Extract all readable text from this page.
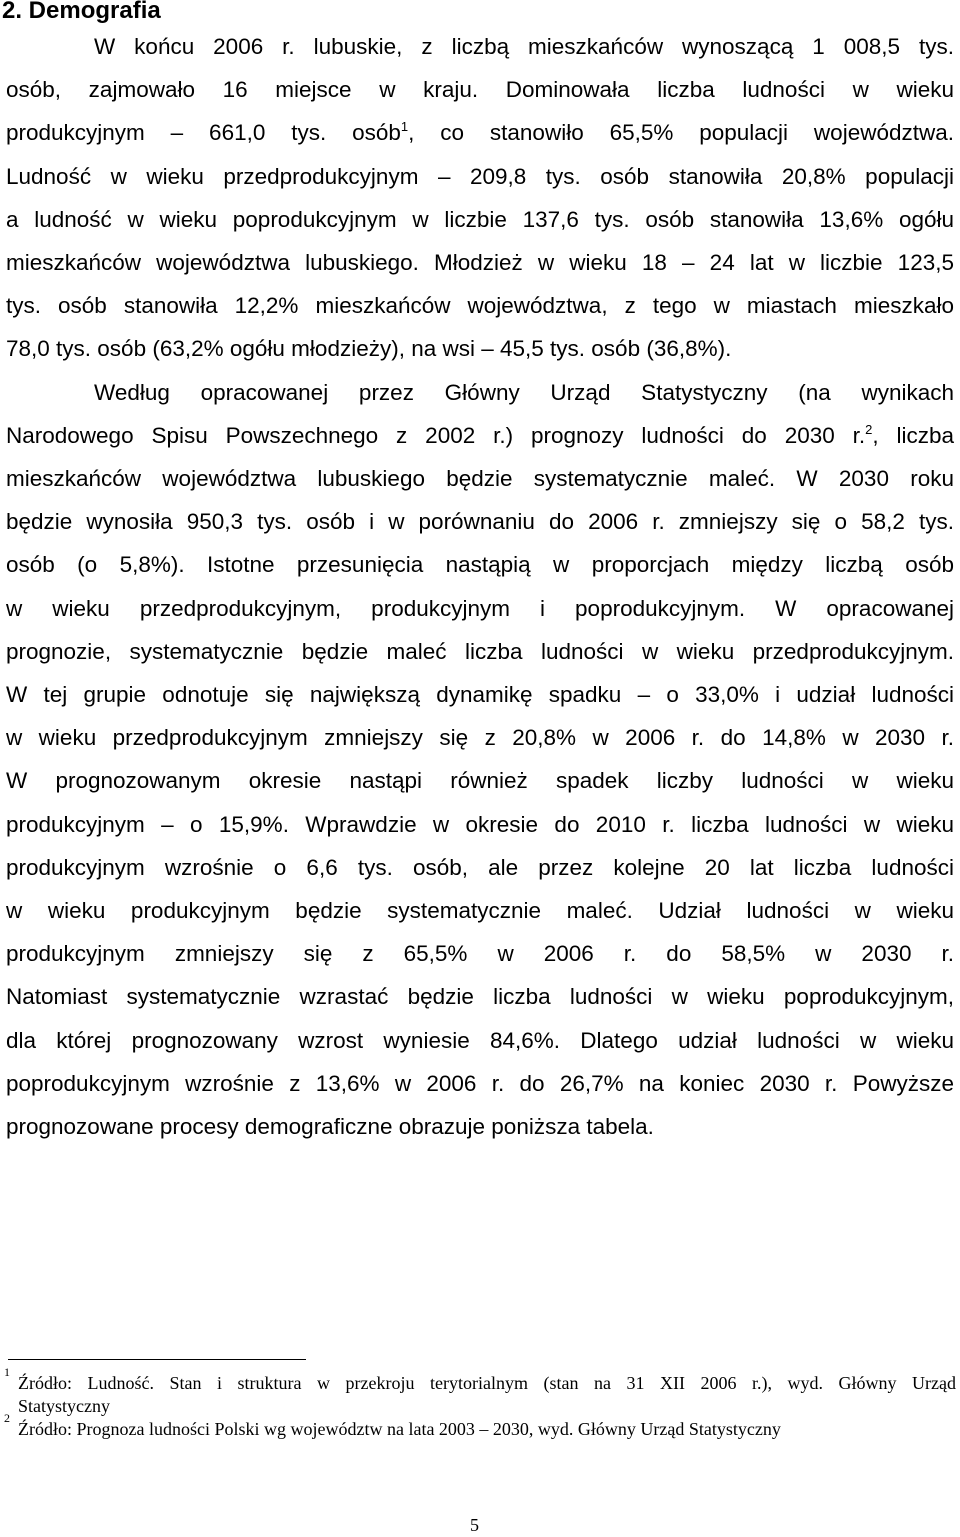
2. Demografia
W końcu 2006 r. lubuskie, z liczbą mieszkańców wynoszącą 1 008,5 tys.
osób, zajmowało 16 miejsce w kraju. Dominowała liczba ludności w wieku
produkcyjnym – 661,0 tys. osób$^1$, co stanowiło 65,5% populacji województwa.
Ludność w wieku przedprodukcyjnym – 209,8 tys. osób stanowiła 20,8% populacji
a ludność w wieku poprodukcyjnym w liczbie 137,6 tys. osób stanowiła 13,6% ogółu
mieszkańców województwa lubuskiego. Młodzież w wieku 18 – 24 lat w liczbie 123,5
tys. osób stanowiła 12,2% mieszkańców województwa, z tego w miastach mieszkało
78,0 tys. osób (63,2% ogółu młodzieży), na wsi – 45,5 tys. osób (36,8%).
Według opracowanej przez Główny Urząd Statystyczny (na wynikach
Narodowego Spisu Powszechnego z 2002 r.) prognozy ludności do 2030 r.$^2$, liczba
mieszkańców województwa lubuskiego będzie systematycznie maleć. W 2030 roku
będzie wynosiła 950,3 tys. osób i w porównaniu do 2006 r. zmniejszy się o 58,2 tys.
osób (o 5,8%). Istotne przesunięcia nastąpią w proporcjach między liczbą osób
w wieku przedprodukcyjnym, produkcyjnym i poprodukcyjnym. W opracowanej
prognozie, systematycznie będzie maleć liczba ludności w wieku przedprodukcyjnym.
W tej grupie odnotuje się największą dynamikę spadku – o 33,0% i udział ludności
w wieku przedprodukcyjnym zmniejszy się z 20,8% w 2006 r. do 14,8% w 2030 r.
W prognozowanym okresie nastąpi również spadek liczby ludności w wieku
produkcyjnym – o 15,9%. Wprawdzie w okresie do 2010 r. liczba ludności w wieku
produkcyjnym wzrośnie o 6,6 tys. osób, ale przez kolejne 20 lat liczba ludności
w wieku produkcyjnym będzie systematycznie maleć. Udział ludności w wieku
produkcyjnym zmniejszy się z 65,5% w 2006 r. do 58,5% w 2030 r.
Natomiast systematycznie wzrastać będzie liczba ludności w wieku poprodukcyjnym,
dla której prognozowany wzrost wyniesie 84,6%. Dlatego udział ludności w wieku
poprodukcyjnym wzrośnie z 13,6% w 2006 r. do 26,7% na koniec 2030 r. Powyższe
prognozowane procesy demograficzne obrazuje poniższa tabela.
1
Źródło: Ludność. Stan i struktura w przekroju terytorialnym (stan na 31 XII 2006 r.), wyd. Główny Urząd
Statystyczny
2
Źródło: Prognoza ludności Polski wg województw na lata 2003 – 2030, wyd. Główny Urząd Statystyczny
5
